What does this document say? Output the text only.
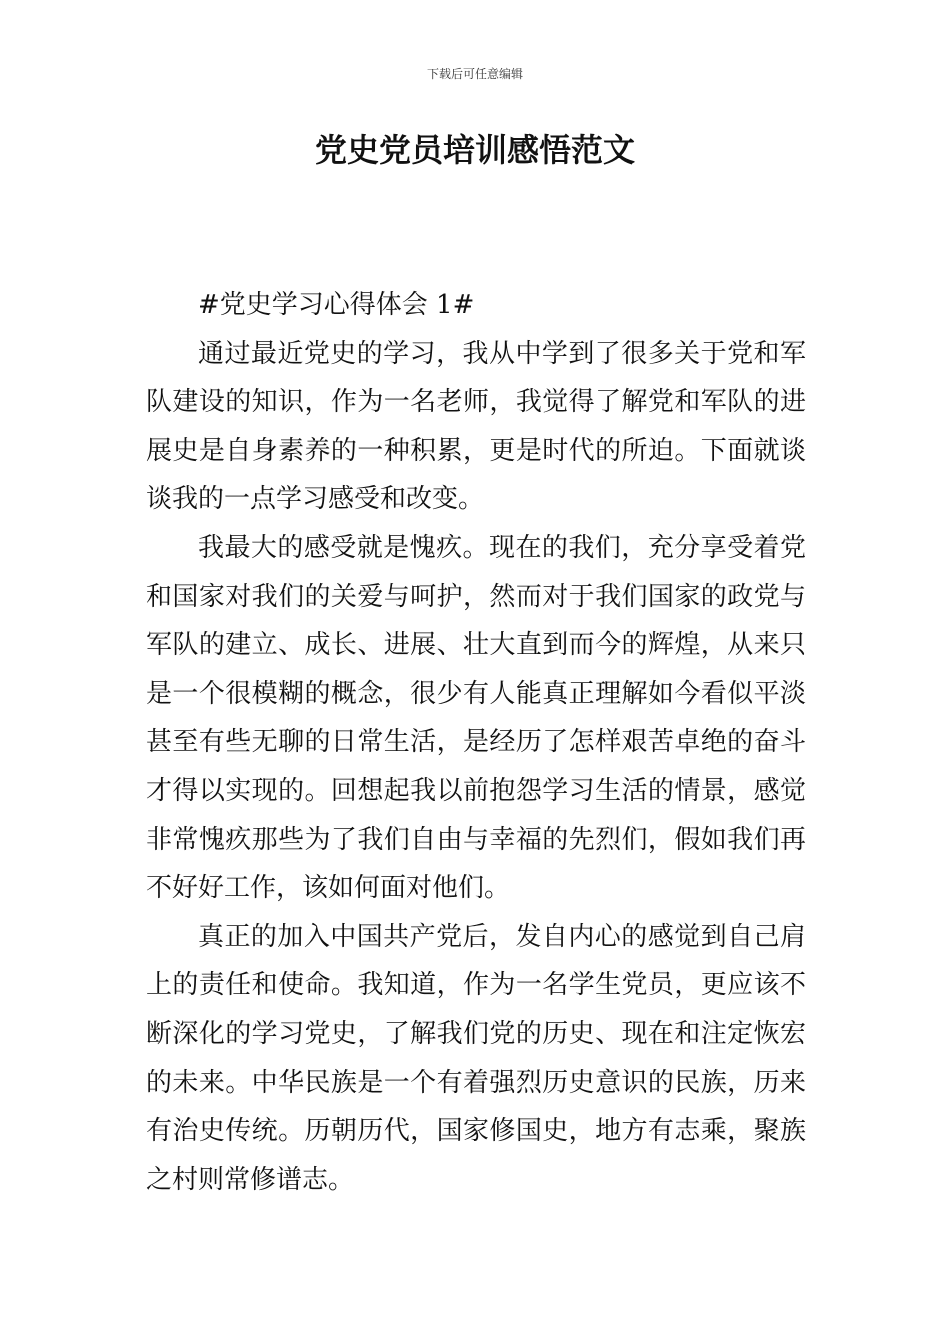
下载后可任意编辑
党史党员培训感悟范文

#党史学习心得体会 1#

通过最近党史的学习，我从中学到了很多关于党和军队建设的知识，作为一名老师，我觉得了解党和军队的进展史是自身素养的一种积累，更是时代的所迫。下面就谈谈我的一点学习感受和改变。

我最大的感受就是愧疚。现在的我们，充分享受着党和国家对我们的关爱与呵护，然而对于我们国家的政党与军队的建立、成长、进展、壮大直到而今的辉煌，从来只是一个很模糊的概念，很少有人能真正理解如今看似平淡甚至有些无聊的日常生活，是经历了怎样艰苦卓绝的奋斗才得以实现的。回想起我以前抱怨学习生活的情景，感觉非常愧疚那些为了我们自由与幸福的先烈们，假如我们再不好好工作，该如何面对他们。

真正的加入中国共产党后，发自内心的感觉到自己肩上的责任和使命。我知道，作为一名学生党员，更应该不断深化的学习党史，了解我们党的历史、现在和注定恢宏的未来。中华民族是一个有着强烈历史意识的民族，历来有治史传统。历朝历代，国家修国史，地方有志乘，聚族之村则常修谱志。
